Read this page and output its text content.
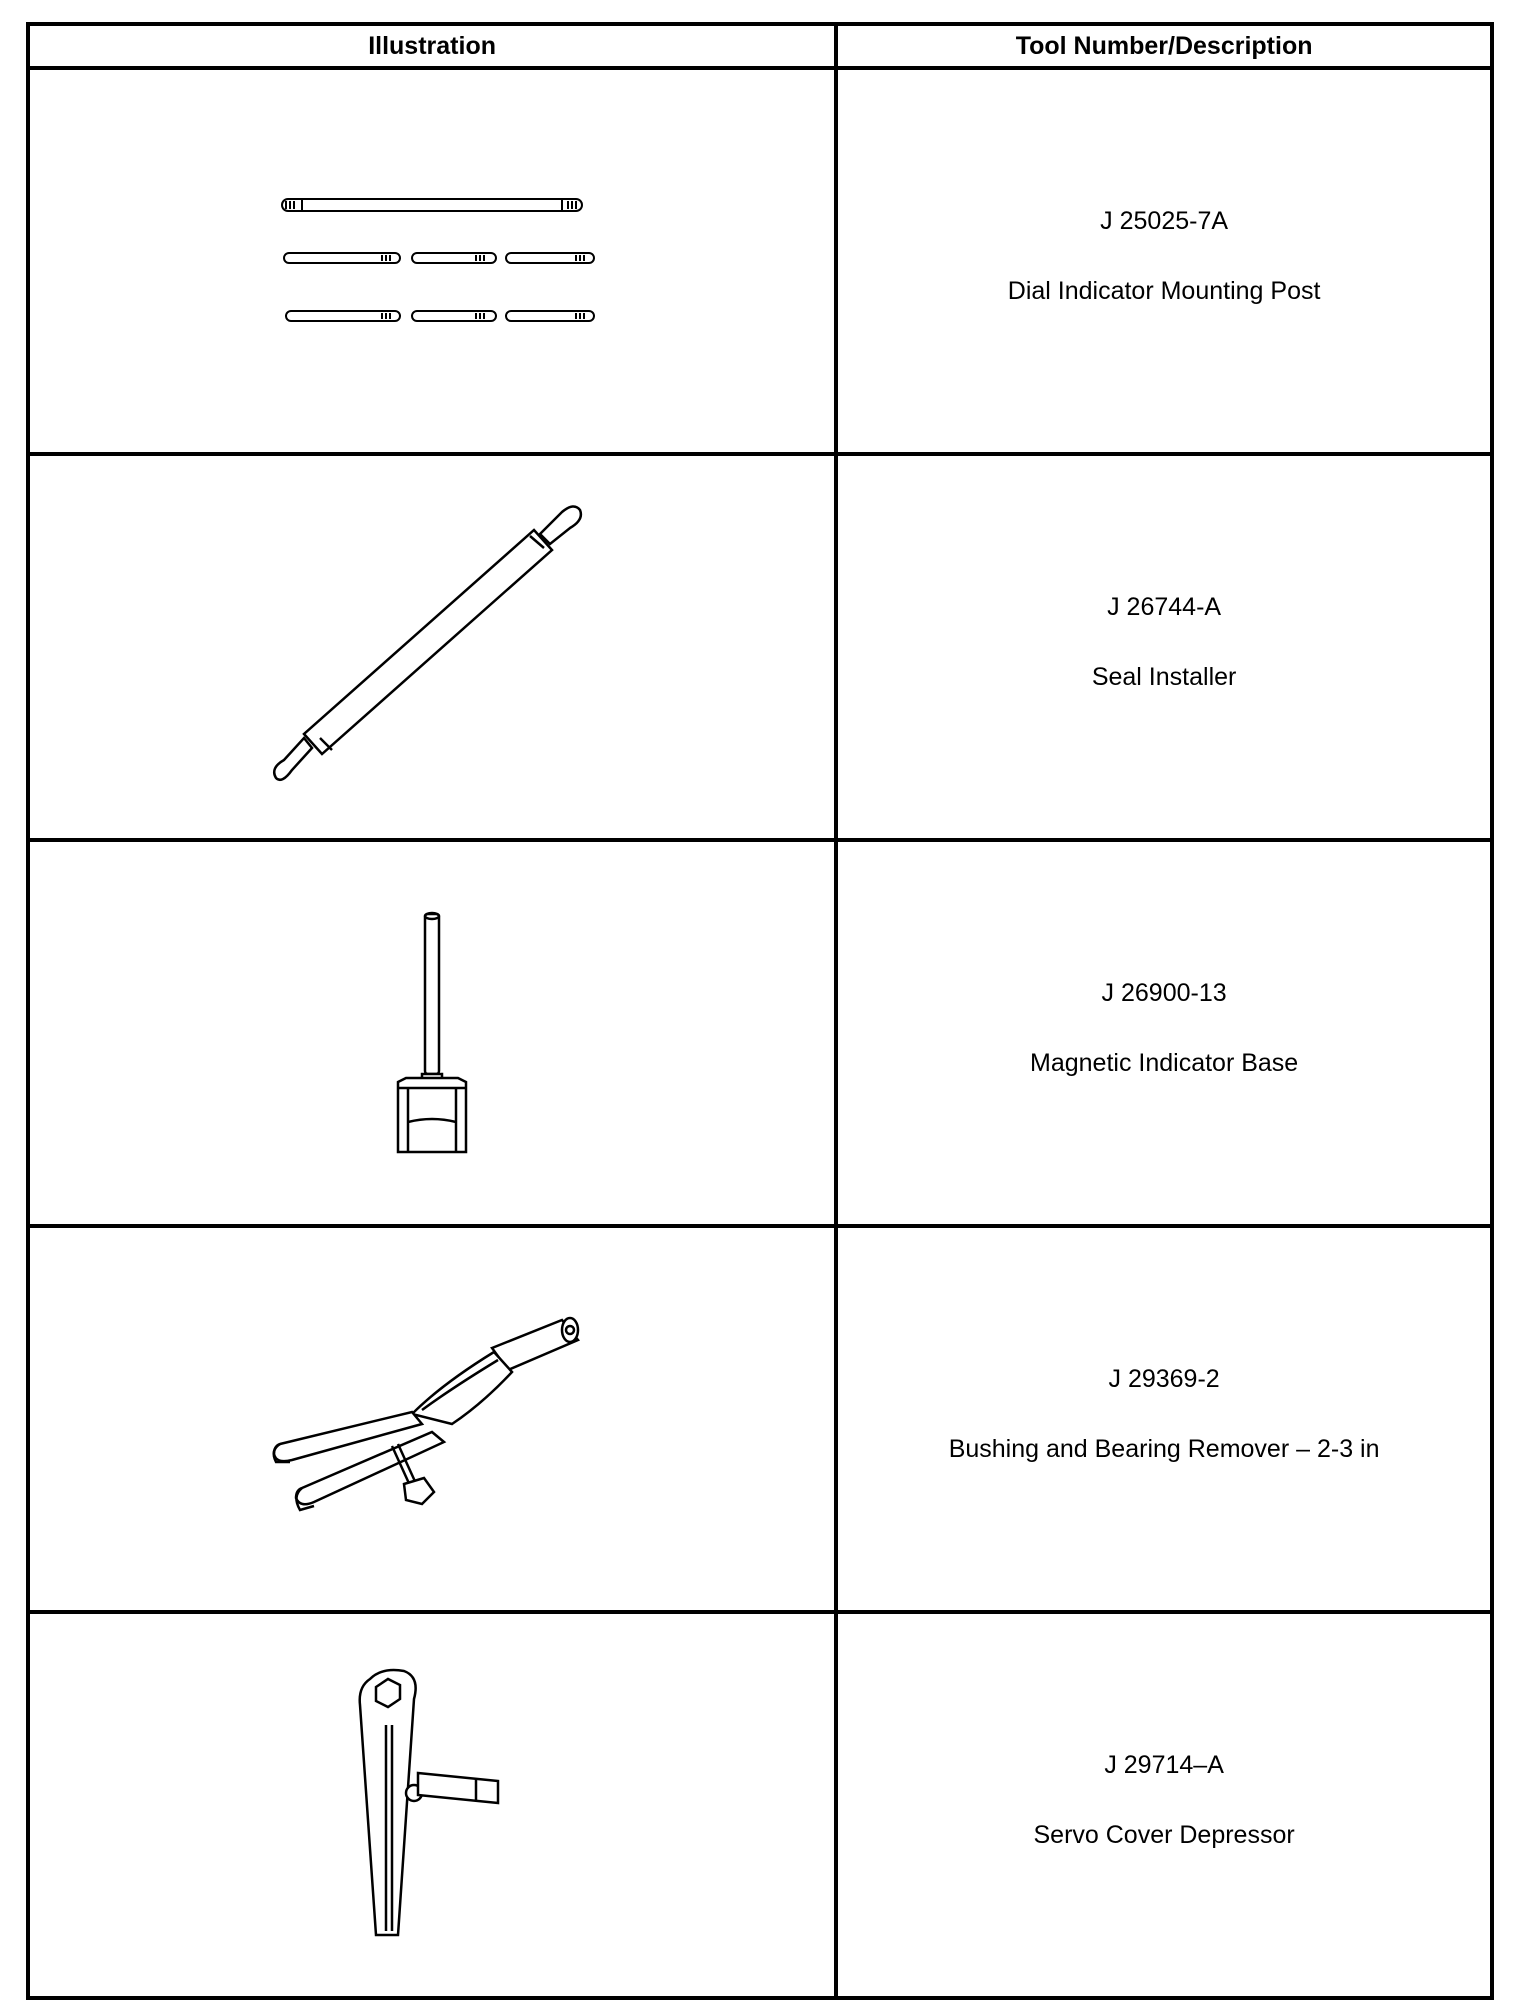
Illustration	Tool Number/Description

J 25025-7A
Dial Indicator Mounting Post

J 26744-A
Seal Installer

J 26900-13
Magnetic Indicator Base

J 29369-2
Bushing and Bearing Remover – 2-3 in

J 29714–A
Servo Cover Depressor
